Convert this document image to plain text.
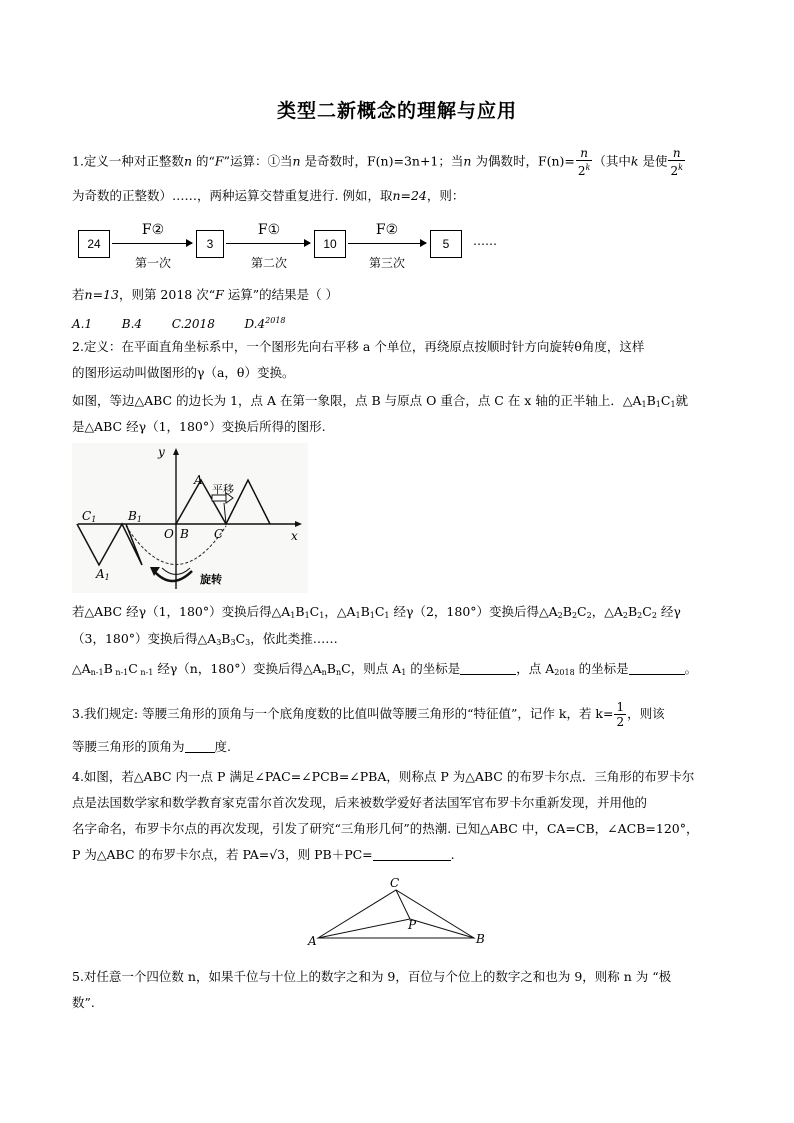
类型二新概念的理解与应用
1.定义一种对正整数n 的“F”运算：①当n 是奇数时，F(n)=3n+1；当n 为偶数时，$F(n)= \frac{n}{2^k}$ （其中k 是使 $\frac{n}{2^k}$
为奇数的正整数）……，两种运算交替重复进行. 例如，取n=24，则：
24	3	10	5
F②	F①	F②
第一次	第二次	第三次
……
若n=13，则第 2018 次“F 运算”的结果是（ ）
A.1 B.4 C.2018 $D.4^{2018}$
2.定义：在平面直角坐标系中，一个图形先向右平移 a 个单位，再绕原点按顺时针方向旋转θ角度，这样
的图形运动叫做图形的γ（a，θ）变换。
如图，等边△ABC 的边长为 1，点 A 在第一象限，点 B 与原点 O 重合，点 C 在 x 轴的正半轴上．$\triangle A_1B_1C_1$就
是△ABC 经γ（1，180°）变换后所得的图形.
y
x
A
O B C
$C_1$	$B_1$
$A_1$
平移
旋转
若△ABC 经γ（1，180°）变换后得$\triangle A_1B_1C_1$，$\triangle A_1B_1C_1$ 经γ（2，180°）变换后得$\triangle A_2B_2C_2$，$\triangle A_2B_2C_2$ 经γ
（3，180°）变换后得$\triangle A_3B_3C_3$，依此类推……
$\triangle A_{n-1}B$ $_{n-1}$C $_{n-1}$ 经γ（n，180°）变换后得$\triangle A_nB_nC$，则点 $A_1$ 的坐标是	，点 $A_{2018}$ 的坐标是	。
3.我们规定: 等腰三角形的顶角与一个底角度数的比值叫做等腰三角形的“特征值”，记作 k，若 $k= \frac{1}{2}$ ，则该
等腰三角形的顶角为 度.
4.如图，若△ABC 内一点 P 满足∠PAC=∠PCB=∠PBA，则称点 P 为△ABC 的布罗卡尔点．三角形的布罗卡尔
点是法国数学家和数学教育家克雷尔首次发现，后来被数学爱好者法国军官布罗卡尔重新发现，并用他的
名字命名，布罗卡尔点的再次发现，引发了研究“三角形几何”的热潮. 已知△ABC 中，CA=CB，∠ACB=120°，
P 为△ABC 的布罗卡尔点，若 PA=√3，则 PB＋PC=	.
C
P
A	B
5.对任意一个四位数 n，如果千位与十位上的数字之和为 9，百位与个位上的数字之和也为 9，则称 n 为 “极
数”.
